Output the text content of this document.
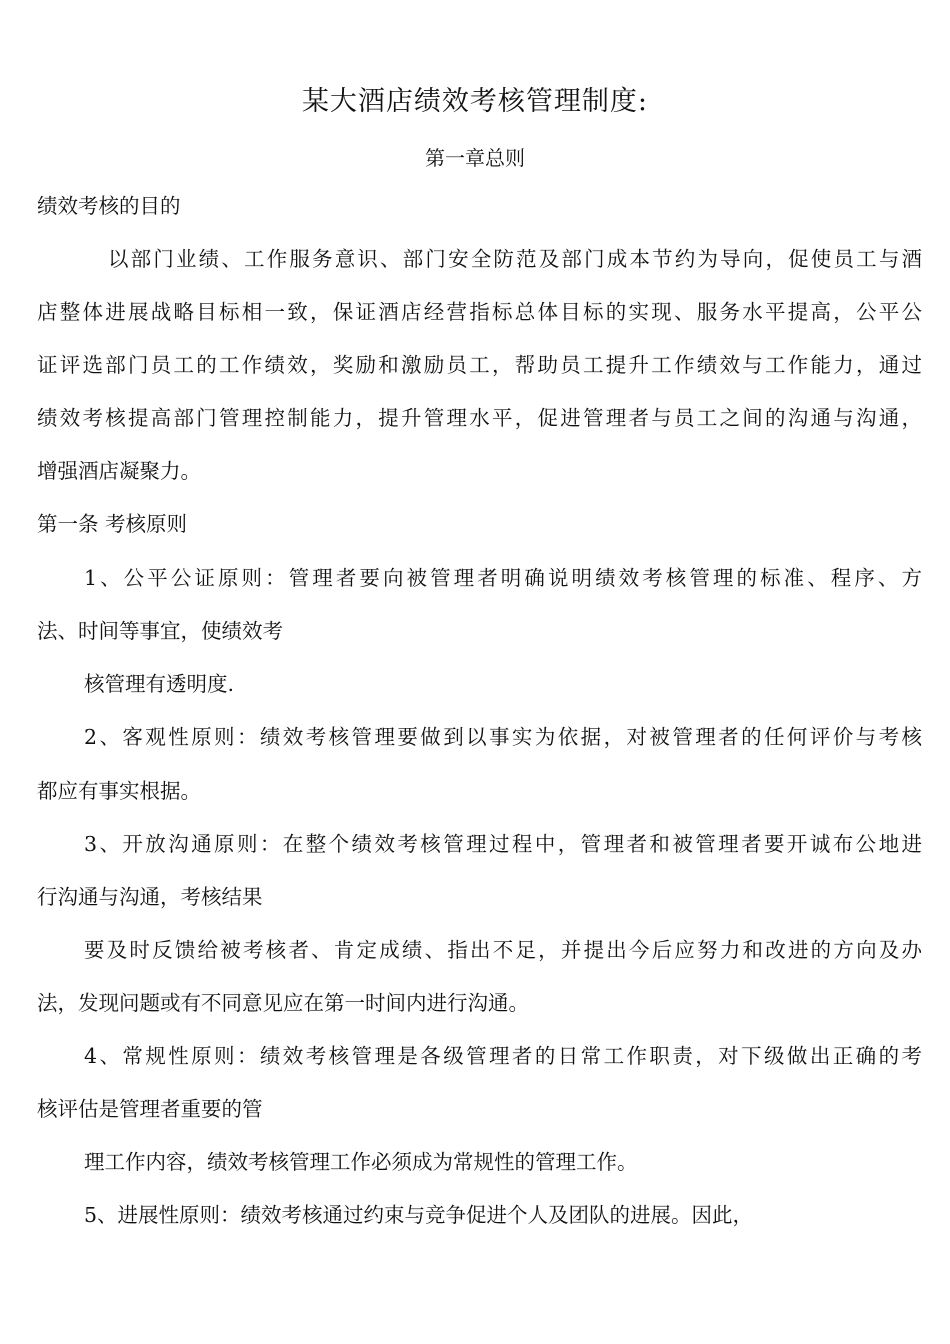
某大酒店绩效考核管理制度:
第一章总则
绩效考核的目的
以部门业绩、工作服务意识、部门安全防范及部门成本节约为导向，促使员工与酒
店整体进展战略目标相一致，保证酒店经营指标总体目标的实现、服务水平提高，公平公
证评选部门员工的工作绩效，奖励和激励员工，帮助员工提升工作绩效与工作能力，通过
绩效考核提高部门管理控制能力，提升管理水平，促进管理者与员工之间的沟通与沟通，
增强酒店凝聚力。
第一条 考核原则
1、公平公证原则：管理者要向被管理者明确说明绩效考核管理的标准、程序、方
法、时间等事宜，使绩效考
核管理有透明度.
2、客观性原则：绩效考核管理要做到以事实为依据，对被管理者的任何评价与考核
都应有事实根据。
3、开放沟通原则：在整个绩效考核管理过程中，管理者和被管理者要开诚布公地进
行沟通与沟通，考核结果
要及时反馈给被考核者、肯定成绩、指出不足，并提出今后应努力和改进的方向及办
法，发现问题或有不同意见应在第一时间内进行沟通。
4、常规性原则：绩效考核管理是各级管理者的日常工作职责，对下级做出正确的考
核评估是管理者重要的管
理工作内容，绩效考核管理工作必须成为常规性的管理工作。
5、进展性原则：绩效考核通过约束与竞争促进个人及团队的进展。因此，
